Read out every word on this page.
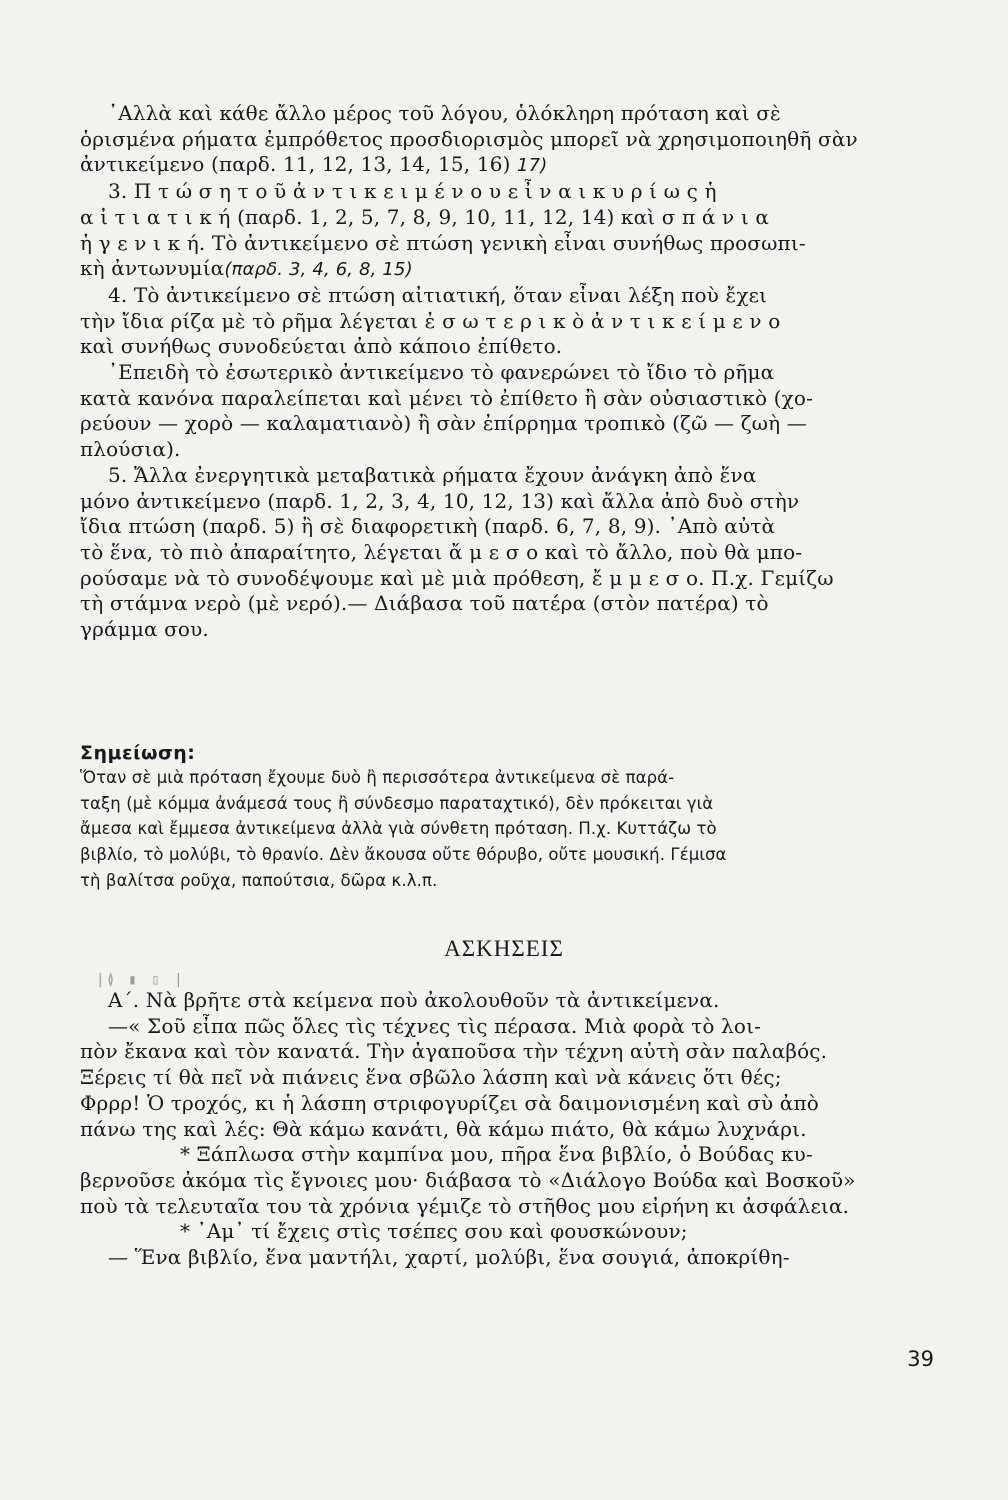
᾿Αλλὰ καὶ κάθε ἄλλο μέρος τοῦ λόγου, ὁλόκληρη πρόταση καὶ σὲ
ὁρισμένα ρήματα ἐμπρόθετος προσδιορισμὸς μπορεῖ νὰ χρησιμοποιηθῆ σὰν
ἀντικείμενο (παρδ. 11, 12, 13, 14, 15, 16) 17)
3. Π τ ώ σ η τ ο ῦ ἀ ν τ ι κ ε ι μ έ ν ο υ ε ἶ ν α ι κ υ ρ ί ω ς ἡ
α ἰ τ ι α τ ι κ ή (παρδ. 1, 2, 5, 7, 8, 9, 10, 11, 12, 14) καὶ σ π ά ν ι α
ἡ γ ε ν ι κ ή. Τὸ ἀντικείμενο σὲ πτώση γενικὴ εἶναι συνήθως προσωπι-
κὴ ἀντωνυμία(παρδ. 3, 4, 6, 8, 15)
4. Τὸ ἀντικείμενο σὲ πτώση αἰτιατική, ὅταν εἶναι λέξη ποὺ ἔχει
τὴν ἴδια ρίζα μὲ τὸ ρῆμα λέγεται ἐ σ ω τ ε ρ ι κ ὸ ἀ ν τ ι κ ε ί μ ε ν ο
καὶ συνήθως συνοδεύεται ἀπὸ κάποιο ἐπίθετο.
᾿Επειδὴ τὸ ἐσωτερικὸ ἀντικείμενο τὸ φανερώνει τὸ ἴδιο τὸ ρῆμα
κατὰ κανόνα παραλείπεται καὶ μένει τὸ ἐπίθετο ἢ σὰν οὐσιαστικὸ (χο-
ρεύουν — χορὸ — καλαματιανὸ) ἢ σὰν ἐπίρρημα τροπικὸ (ζῶ — ζωὴ —
πλούσια).
5. Ἄλλα ἐνεργητικὰ μεταβατικὰ ρήματα ἔχουν ἀνάγκη ἀπὸ ἕνα
μόνο ἀντικείμενο (παρδ. 1, 2, 3, 4, 10, 12, 13) καὶ ἄλλα ἀπὸ δυὸ στὴν
ἴδια πτώση (παρδ. 5) ἢ σὲ διαφορετικὴ (παρδ. 6, 7, 8, 9). ᾿Απὸ αὐτὰ
τὸ ἕνα, τὸ πιὸ ἀπαραίτητο, λέγεται ἄ μ ε σ ο καὶ τὸ ἄλλο, ποὺ θὰ μπο-
ρούσαμε νὰ τὸ συνοδέψουμε καὶ μὲ μιὰ πρόθεση, ἔ μ μ ε σ ο. Π.χ. Γεμίζω
τὴ στάμνα νερὸ (μὲ νερό).— Διάβασα τοῦ πατέρα (στὸν πατέρα) τὸ
γράμμα σου.
Σημείωση:
Ὅταν σὲ μιὰ πρόταση ἔχουμε δυὸ ἢ περισσότερα ἀντικείμενα σὲ παρά-
ταξη (μὲ κόμμα ἀνάμεσά τους ἢ σύνδεσμο παραταχτικό), δὲν πρόκειται γιὰ
ἄμεσα καὶ ἔμμεσα ἀντικείμενα ἀλλὰ γιὰ σύνθετη πρόταση. Π.χ. Κυττάζω τὸ
βιβλίο, τὸ μολύβι, τὸ θρανίο. Δὲν ἄκουσα οὔτε θόρυβο, οὔτε μουσική. Γέμισα
τὴ βαλίτσα ροῦχα, παπούτσια, δῶρα κ.λ.π.
ΑΣΚΗΣΕΙΣ
|≬ ▮ ▯ |
Α΄. Νὰ βρῆτε στὰ κείμενα ποὺ ἀκολουθοῦν τὰ ἀντικείμενα.
—« Σοῦ εἶπα πῶς ὅλες τὶς τέχνες τὶς πέρασα. Μιὰ φορὰ τὸ λοι-
πὸν ἔκανα καὶ τὸν κανατά. Τὴν ἀγαποῦσα τὴν τέχνη αὐτὴ σὰν παλαβός.
Ξέρεις τί θὰ πεῖ νὰ πιάνεις ἕνα σβῶλο λάσπη καὶ νὰ κάνεις ὅτι θές;
Φρρρ! Ὁ τροχός, κι ἡ λάσπη στριφογυρίζει σὰ δαιμονισμένη καὶ σὺ ἀπὸ
πάνω της καὶ λές: Θὰ κάμω κανάτι, θὰ κάμω πιάτο, θὰ κάμω λυχνάρι.
* Ξάπλωσα στὴν καμπίνα μου, πῆρα ἕνα βιβλίο, ὁ Βούδας κυ-
βερνοῦσε ἀκόμα τὶς ἔγνοιες μου· διάβασα τὸ «Διάλογο Βούδα καὶ Βοσκοῦ»
ποὺ τὰ τελευταῖα του τὰ χρόνια γέμιζε τὸ στῆθος μου εἰρήνη κι ἀσφάλεια.
* ᾿Αμ᾿ τί ἔχεις στὶς τσέπες σου καὶ φουσκώνουν;
— Ἕνα βιβλίο, ἕνα μαντήλι, χαρτί, μολύβι, ἕνα σουγιά, ἀποκρίθη-
39
